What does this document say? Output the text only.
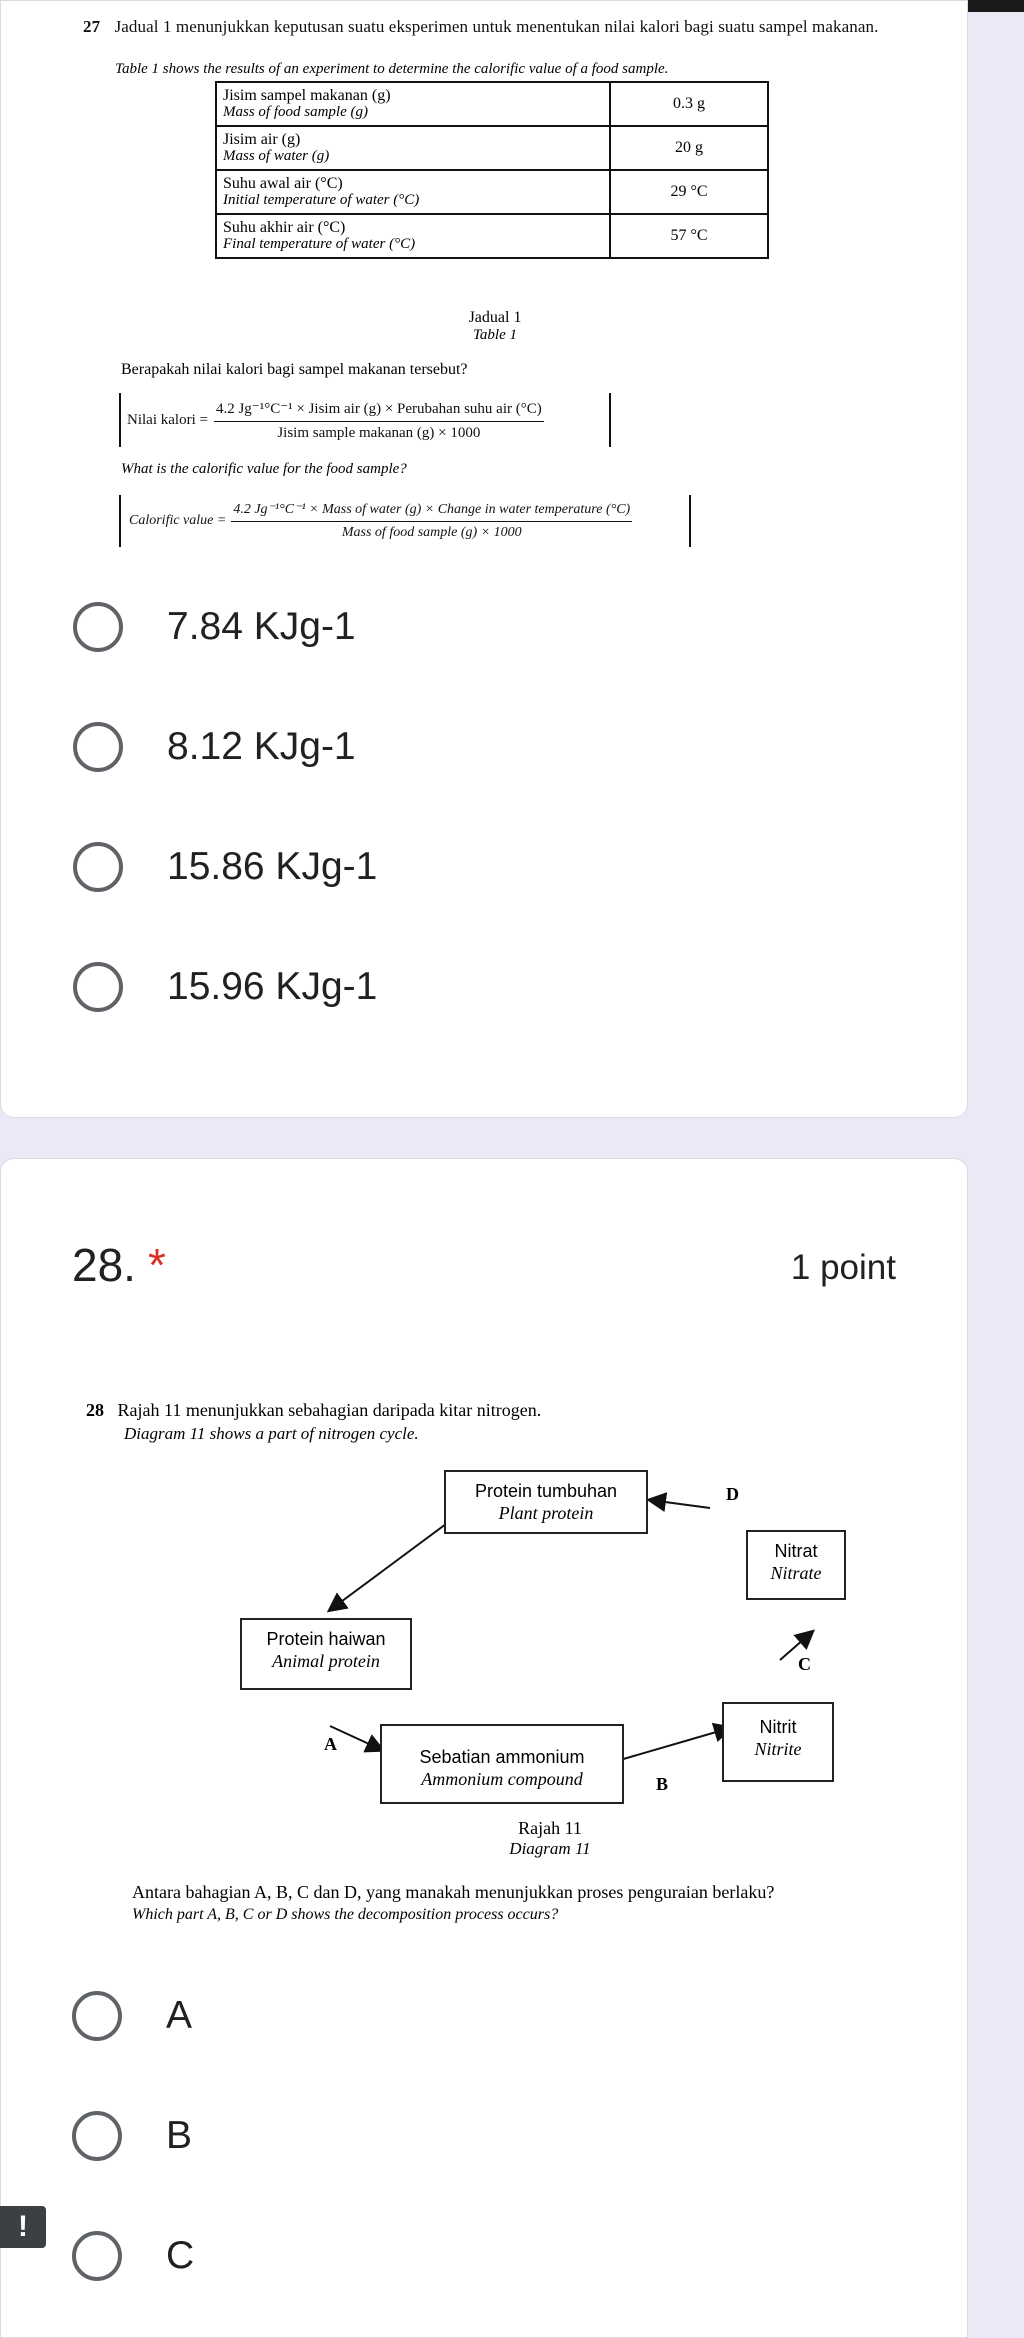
27 Jadual 1 menunjukkan keputusan suatu eksperimen untuk menentukan nilai kalori bagi suatu sampel makanan.
Table 1 shows the results of an experiment to determine the calorific value of a food sample.
Jisim sampel makanan (g)
Mass of food sample (g)	0.3 g
Jisim air (g)
Mass of water (g)	20 g
Suhu awal air (°C)
Initial temperature of water (°C)	29 °C
Suhu akhir air (°C)
Final temperature of water (°C)	57 °C
Jadual 1
Table 1
Berapakah nilai kalori bagi sampel makanan tersebut?
Nilai kalori = $\frac{\text{4.2 Jg⁻¹°C⁻¹ × Jisim air (g) × Perubahan suhu air (°C)}}{\text{Jisim sample makanan (g) × 1000}}$
What is the calorific value for the food sample?
Calorific value =
4.2 Jg⁻¹°C⁻¹ × Mass of water (g) × Change in water temperature (°C)
Mass of food sample (g) × 1000
7.84 KJg-1
8.12 KJg-1
15.86 KJg-1
15.96 KJg-1
28. *	1 point
28 Rajah 11 menunjukkan sebahagian daripada kitar nitrogen.
Diagram 11 shows a part of nitrogen cycle.
Protein tumbuhan
Plant protein
Nitrat
Nitrate
Protein haiwan
Animal protein
Sebatian ammonium
Ammonium compound
Nitrit
Nitrite
D
C
B
A
Rajah 11
Diagram 11
Antara bahagian A, B, C dan D, yang manakah menunjukkan proses penguraian berlaku?
Which part A, B, C or D shows the decomposition process occurs?
A
B
C
!
